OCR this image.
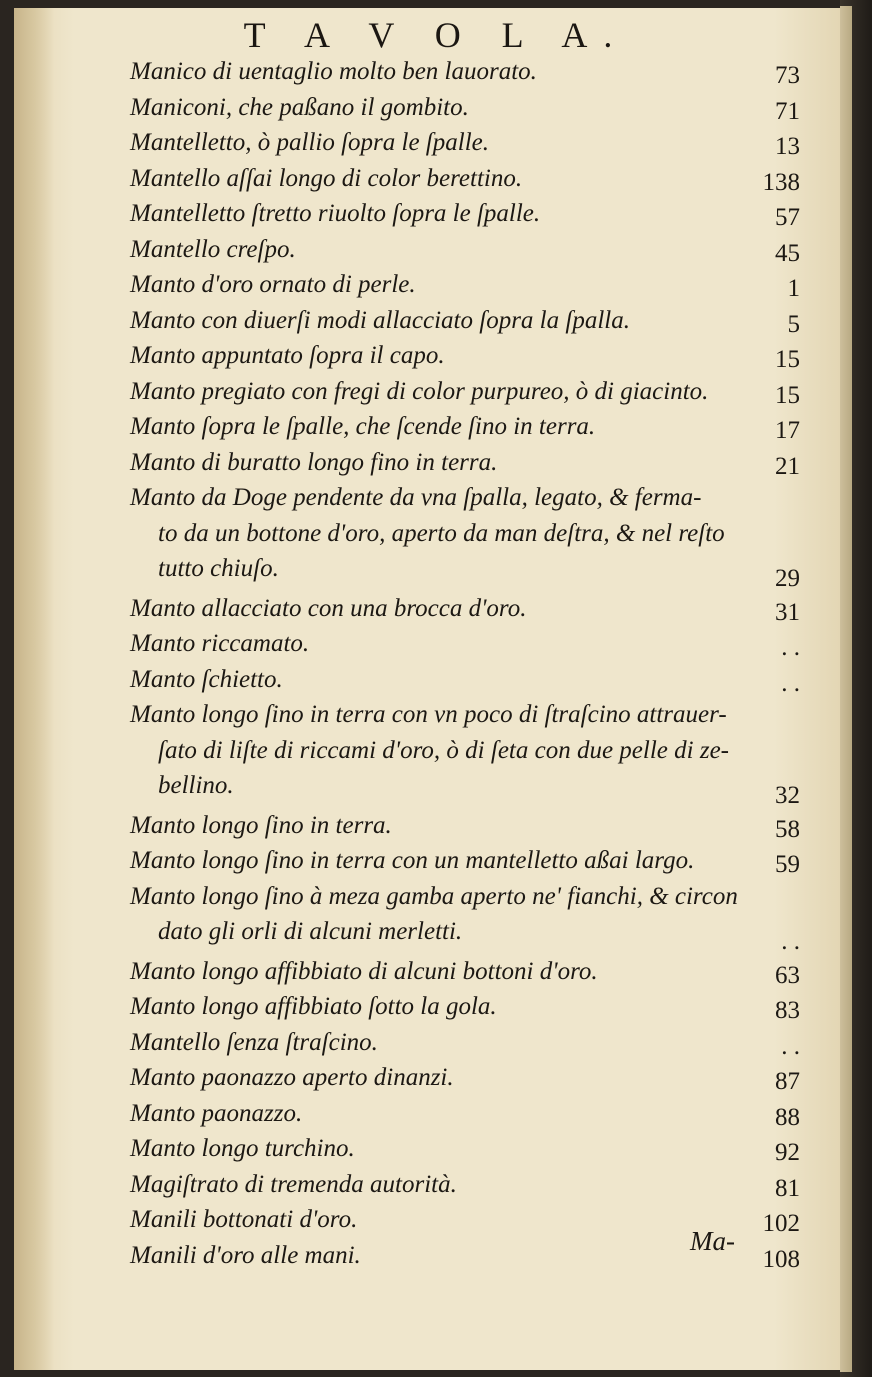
T A V O L A.
Manico di uentaglio molto ben lauorato.	73
Maniconi, che paßano il gombito.	71
Mantelletto, ò pallio ſopra le ſpalle.	13
Mantello aſſai longo di color berettino.	138
Mantelletto ſtretto riuolto ſopra le ſpalle.	57
Mantello creſpo.	45
Manto d'oro ornato di perle.	1
Manto con diuerſi modi allacciato ſopra la ſpalla.	5
Manto appuntato ſopra il capo.	15
Manto pregiato con fregi di color purpureo, ò di giacinto.	15
Manto ſopra le ſpalle, che ſcende ſino in terra.	17
Manto di buratto longo fino in terra.	21
Manto da Doge pendente da vna ſpalla, legato, & ferma-
to da un bottone d'oro, aperto da man deſtra, & nel reſto
tutto chiuſo.	29
Manto allacciato con una brocca d'oro.	31
Manto riccamato.	. .
Manto ſchietto.	. .
Manto longo ſino in terra con vn poco di ſtraſcino attrauer-
ſato di liſte di riccami d'oro, ò di ſeta con due pelle di ze-
bellino.	32
Manto longo ſino in terra.	58
Manto longo ſino in terra con un mantelletto aßai largo.	59
Manto longo ſino à meza gamba aperto ne' fianchi, & circon
dato gli orli di alcuni merletti.	. .
Manto longo affibbiato di alcuni bottoni d'oro.	63
Manto longo affibbiato ſotto la gola.	83
Mantello ſenza ſtraſcino.	. .
Manto paonazzo aperto dinanzi.	87
Manto paonazzo.	88
Manto longo turchino.	92
Magiſtrato di tremenda autorità.	81
Manili bottonati d'oro.	102
Manili d'oro alle mani.	108
Ma-
